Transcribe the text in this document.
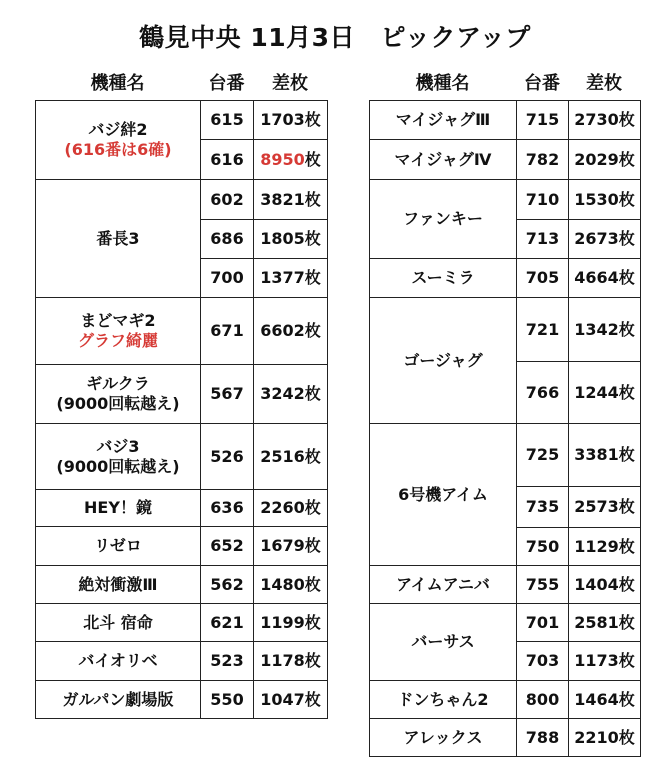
鶴見中央 11月3日　ピックアップ
機種名	台番	差枚	機種名	台番	差枚
バジ絆2
(616番は6確)	615	1703枚
	616	8950枚

番長3	602	3821枚
	686	1805枚
	700	1377枚

まどマギ2
グラフ綺麗	671	6602枚

ギルクラ
(9000回転越え)	567	3242枚

バジ3
(9000回転越え)	526	2516枚
HEY！鏡	636	2260枚
リゼロ	652	1679枚
絶対衝激Ⅲ	562	1480枚
北斗 宿命	621	1199枚
バイオリベ	523	1178枚
ガルパン劇場版	550	1047枚
マイジャグⅢ	715	2730枚
マイジャグⅣ	782	2029枚
ファンキー	710	1530枚
	713	2673枚
スーミラ	705	4664枚
ゴージャグ	721	1342枚
	766	1244枚
6号機アイム	725	3381枚
	735	2573枚
	750	1129枚
アイムアニバ	755	1404枚
バーサス	701	2581枚
	703	1173枚
ドンちゃん2	800	1464枚
アレックス	788	2210枚
